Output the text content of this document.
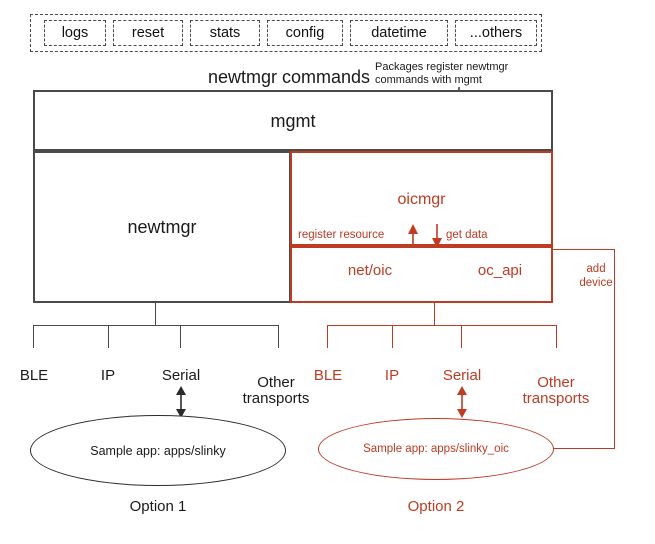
logs	reset	stats	config	datetime	...others
newtmgr commands Packages register newtmgr
commands with mgmt
mgmt
newtmgr
oicmgr
net/oic	oc_api
register resource	get data
add
device
BLE	IP	Serial	Other
transports
Sample app: apps/slinky
Option 1
BLE	IP	Serial	Other
transports
Sample app: apps/slinky_oic
Option 2
